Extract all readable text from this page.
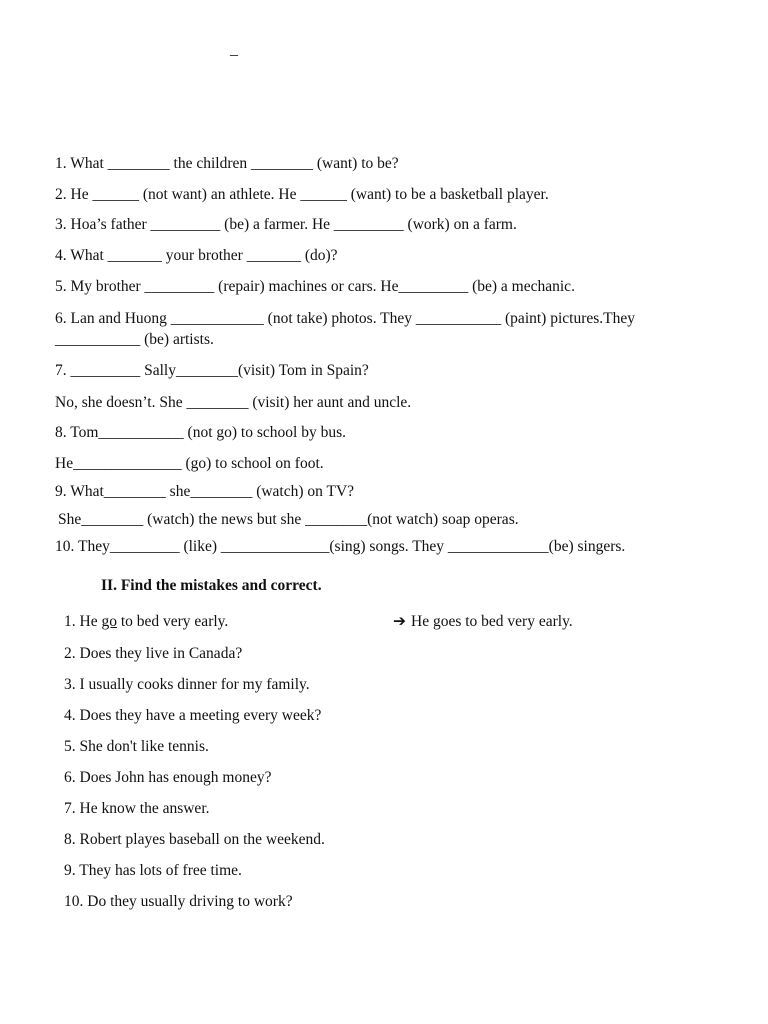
_
1. What ________ the children ________ (want) to be?
2. He ______ (not want) an athlete. He ______ (want) to be a basketball player.
3. Hoa’s father _________ (be) a farmer. He _________ (work) on a farm.
4. What _______ your brother _______ (do)?
5. My brother _________ (repair) machines or cars. He_________ (be) a mechanic.
6. Lan and Huong ____________ (not take) photos. They ___________ (paint) pictures.They
___________ (be) artists.
7. _________ Sally________(visit) Tom in Spain?
No, she doesn’t. She ________ (visit) her aunt and uncle.
8. Tom___________ (not go) to school by bus.
He______________ (go) to school on foot.
9. What________ she________ (watch) on TV?
She________ (watch) the news but she ________(not watch) soap operas.
10. They_________ (like) ______________(sing) songs. They _____________(be) singers.
II. Find the mistakes and correct.
1. He go to bed very early.	➔ He goes to bed very early.
2. Does they live in Canada?
3. I usually cooks dinner for my family.
4. Does they have a meeting every week?
5. She don't like tennis.
6. Does John has enough money?
7. He know the answer.
8. Robert playes baseball on the weekend.
9. They has lots of free time.
10. Do they usually driving to work?
